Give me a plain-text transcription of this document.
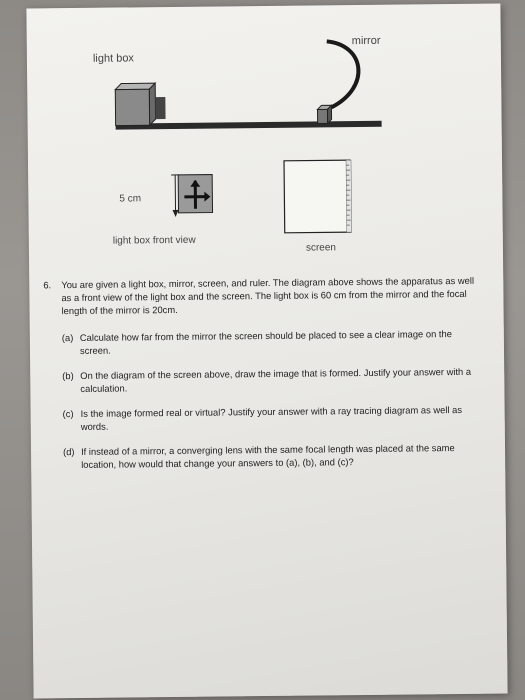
mirror
light box
5 cm
light box front view
screen
6. You are given a light box, mirror, screen, and ruler. The diagram above shows the apparatus as well as a front view of the light box and the screen. The light box is 60 cm from the mirror and the focal length of the mirror is 20cm.

(a) Calculate how far from the mirror the screen should be placed to see a clear image on the screen.
(b) On the diagram of the screen above, draw the image that is formed. Justify your answer with a calculation.
(c) Is the image formed real or virtual? Justify your answer with a ray tracing diagram as well as words.
(d) If instead of a mirror, a converging lens with the same focal length was placed at the same location, how would that change your answers to (a), (b), and (c)?
